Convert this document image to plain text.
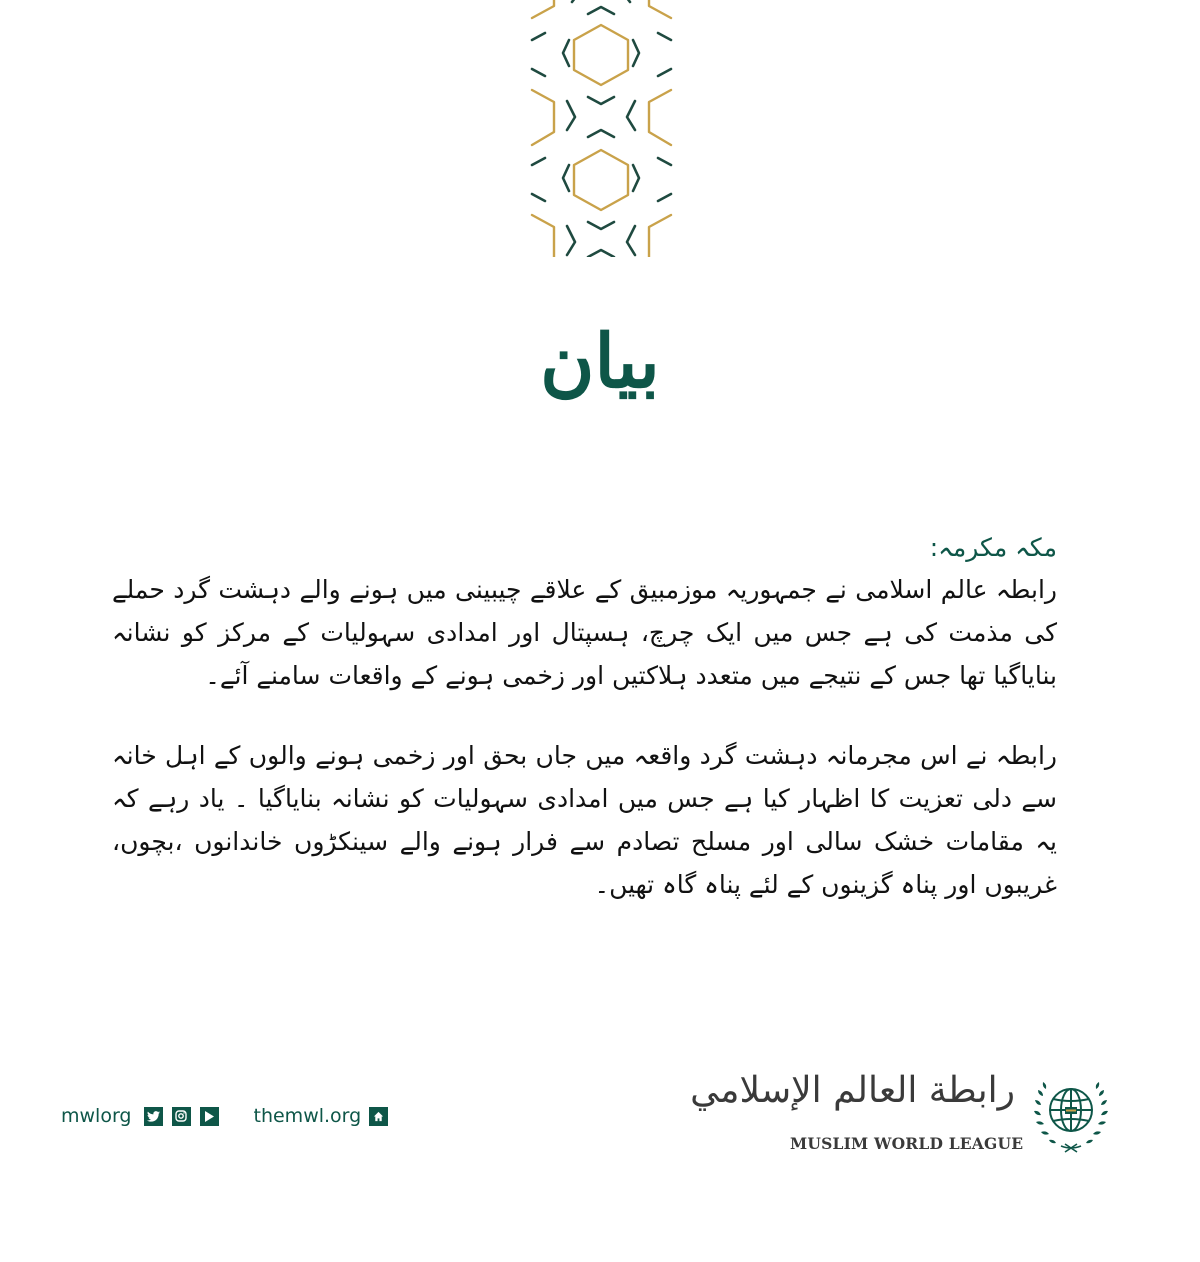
بیان

مکہ مکرمہ:

رابطہ عالم اسلامی نے جمہوریہ موزمبیق کے علاقے چیبینی میں ہونے والے دہشت گرد حملے کی مذمت کی ہے جس میں ایک چرچ، ہسپتال اور امدادی سہولیات کے مرکز کو نشانہ بنایاگیا تھا جس کے نتیجے میں متعدد ہلاکتیں اور زخمی ہونے کے واقعات سامنے آئے۔

رابطہ نے اس مجرمانہ دہشت گرد واقعہ میں جاں بحق اور زخمی ہونے والوں کے اہل خانہ سے دلی تعزیت کا اظہار کیا ہے جس میں امدادی سہولیات کو نشانہ بنایاگیا ۔ یاد رہے کہ یہ مقامات خشک سالی اور مسلح تصادم سے فرار ہونے والے سینکڑوں خاندانوں ،بچوں، غریبوں اور پناہ گزینوں کے لئے پناہ گاہ تھیں۔

mwlorg	themwl.org
رابطة العالم الإسلامي
MUSLIM WORLD LEAGUE
